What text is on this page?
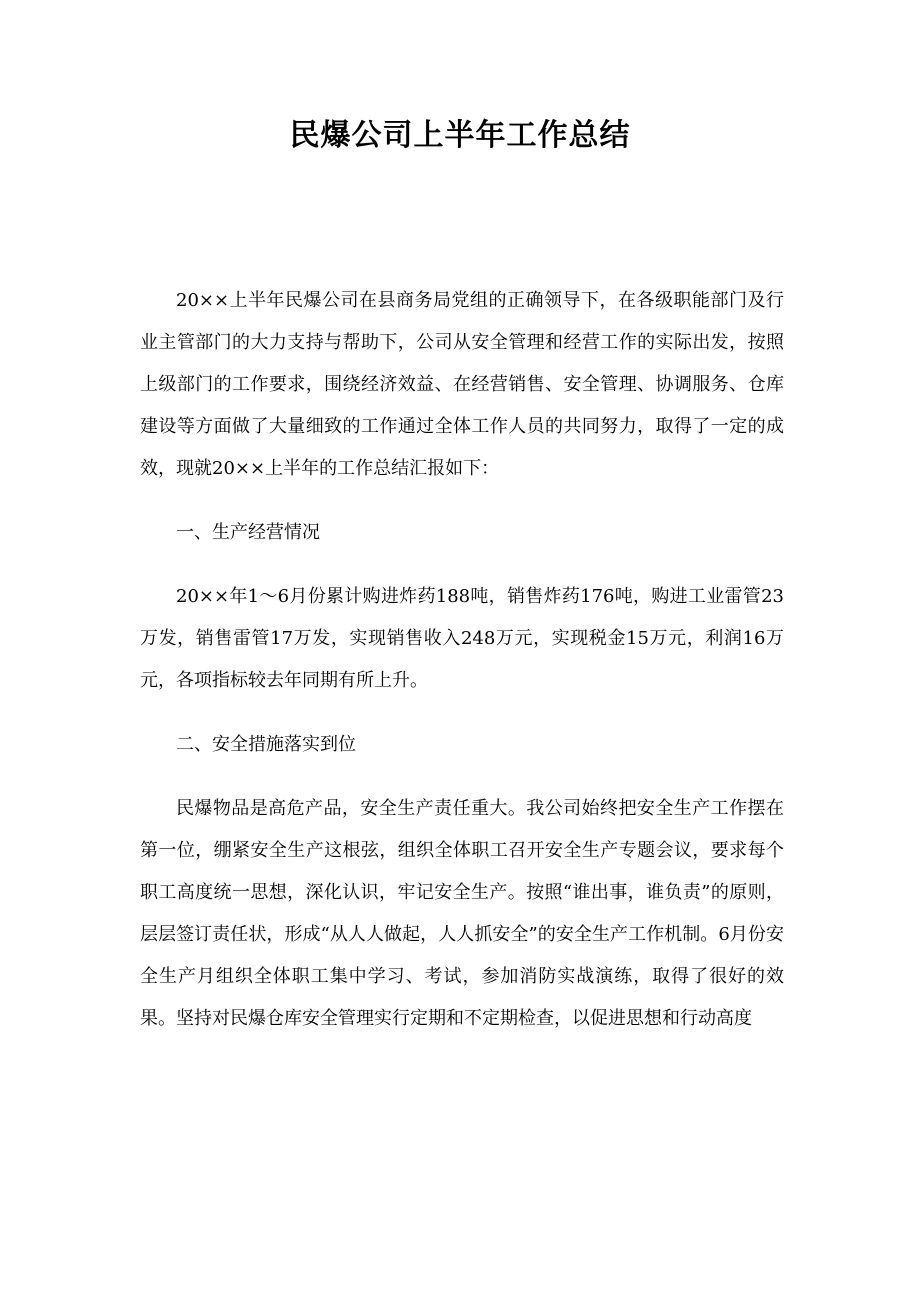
民爆公司上半年工作总结

20××上半年民爆公司在县商务局党组的正确领导下，在各级职能部门及行业主管部门的大力支持与帮助下，公司从安全管理和经营工作的实际出发，按照上级部门的工作要求，围绕经济效益、在经营销售、安全管理、协调服务、仓库建设等方面做了大量细致的工作通过全体工作人员的共同努力，取得了一定的成效，现就20××上半年的工作总结汇报如下：

一、生产经营情况

20××年1～6月份累计购进炸药188吨，销售炸药176吨，购进工业雷管23万发，销售雷管17万发，实现销售收入248万元，实现税金15万元，利润16万元，各项指标较去年同期有所上升。

二、安全措施落实到位

民爆物品是高危产品，安全生产责任重大。我公司始终把安全生产工作摆在第一位，绷紧安全生产这根弦，组织全体职工召开安全生产专题会议，要求每个职工高度统一思想，深化认识，牢记安全生产。按照“谁出事，谁负责”的原则，层层签订责任状，形成“从人人做起，人人抓安全”的安全生产工作机制。6月份安全生产月组织全体职工集中学习、考试，参加消防实战演练，取得了很好的效果。坚持对民爆仓库安全管理实行定期和不定期检查，以促进思想和行动高度
